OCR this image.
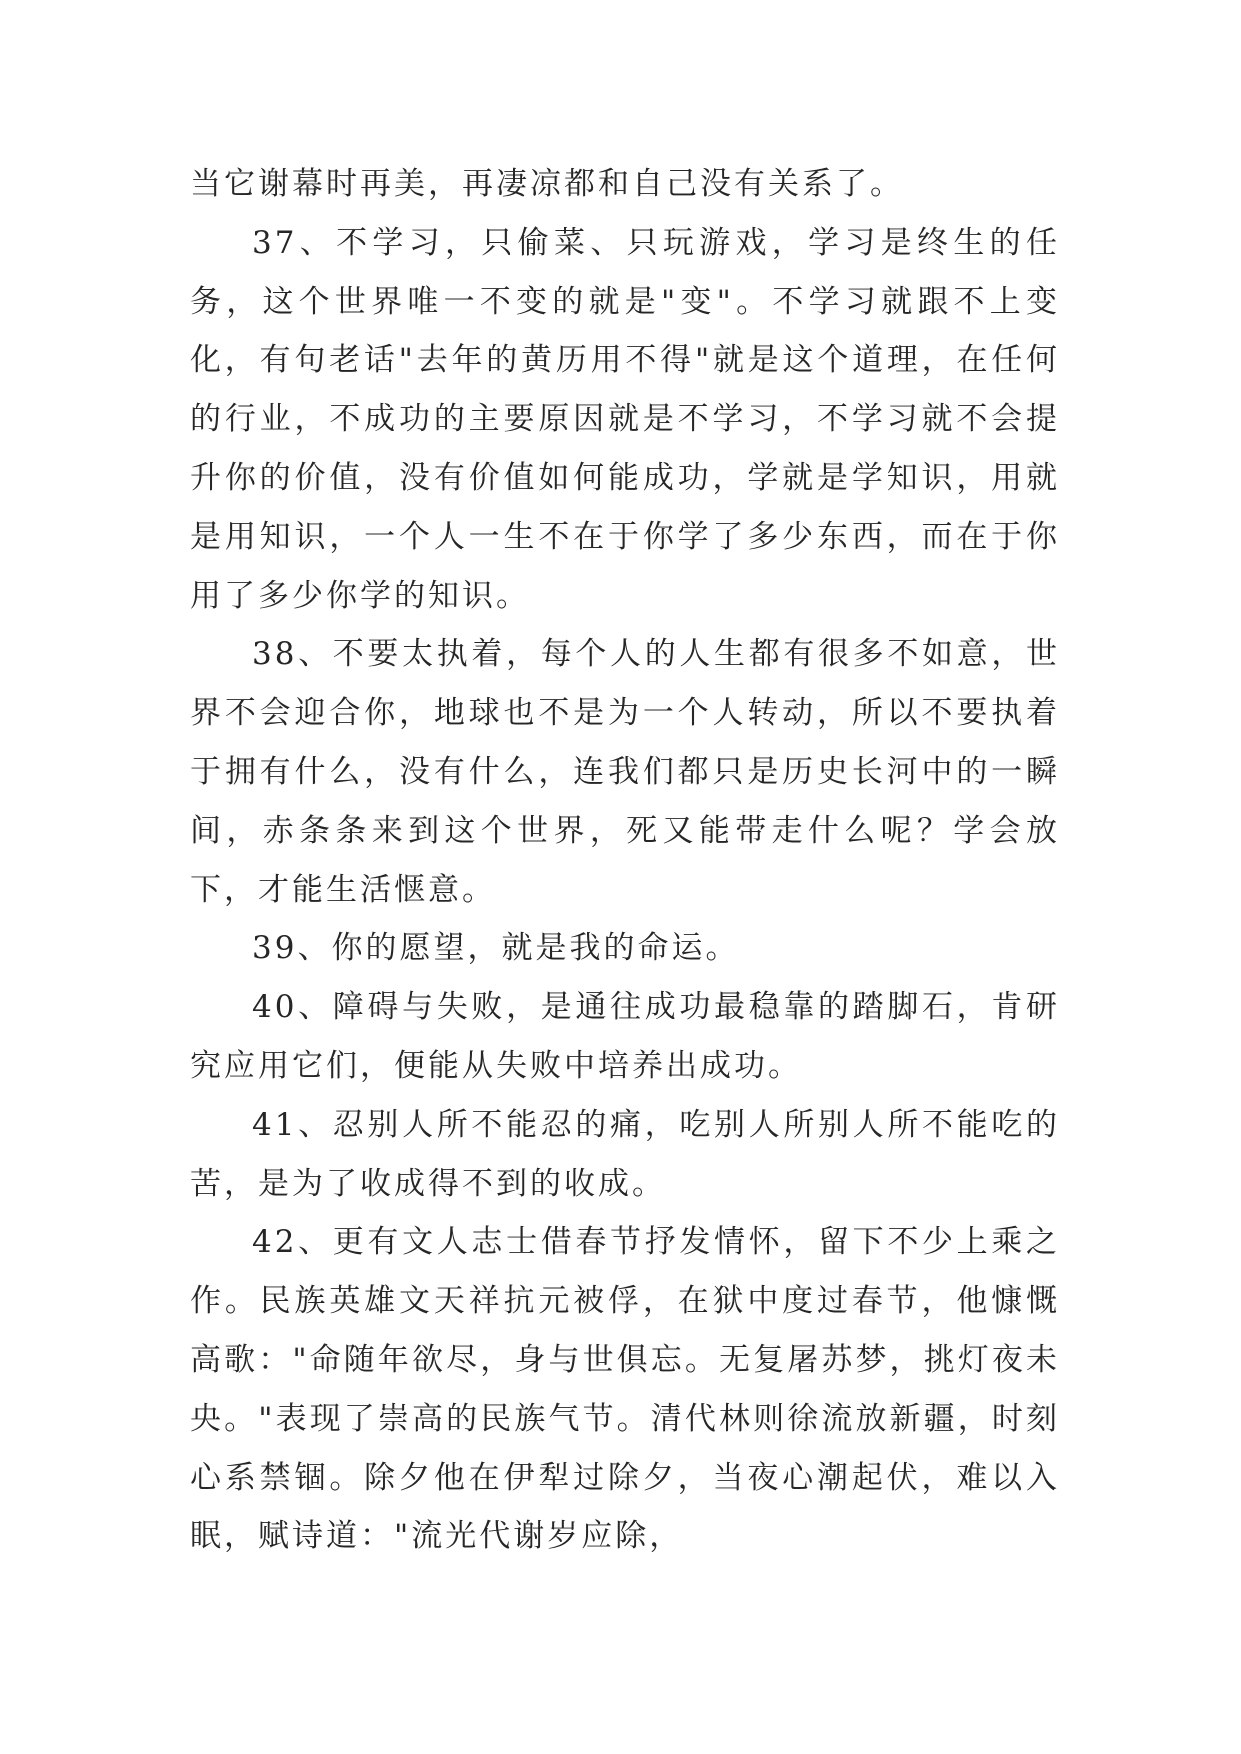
当它谢幕时再美，再凄凉都和自己没有关系了。

37、不学习，只偷菜、只玩游戏，学习是终生的任务，这个世界唯一不变的就是"变"。不学习就跟不上变化，有句老话"去年的黄历用不得"就是这个道理，在任何的行业，不成功的主要原因就是不学习，不学习就不会提升你的价值，没有价值如何能成功，学就是学知识，用就是用知识，一个人一生不在于你学了多少东西，而在于你用了多少你学的知识。

38、不要太执着，每个人的人生都有很多不如意，世界不会迎合你，地球也不是为一个人转动，所以不要执着于拥有什么，没有什么，连我们都只是历史长河中的一瞬间，赤条条来到这个世界，死又能带走什么呢？学会放下，才能生活惬意。

39、你的愿望，就是我的命运。

40、障碍与失败，是通往成功最稳靠的踏脚石，肯研究应用它们，便能从失败中培养出成功。

41、忍别人所不能忍的痛，吃别人所别人所不能吃的苦，是为了收成得不到的收成。

42、更有文人志士借春节抒发情怀，留下不少上乘之作。民族英雄文天祥抗元被俘，在狱中度过春节，他慷慨高歌："命随年欲尽，身与世俱忘。无复屠苏梦，挑灯夜未央。"表现了崇高的民族气节。清代林则徐流放新疆，时刻心系禁锢。除夕他在伊犁过除夕，当夜心潮起伏，难以入眠，赋诗道："流光代谢岁应除，
